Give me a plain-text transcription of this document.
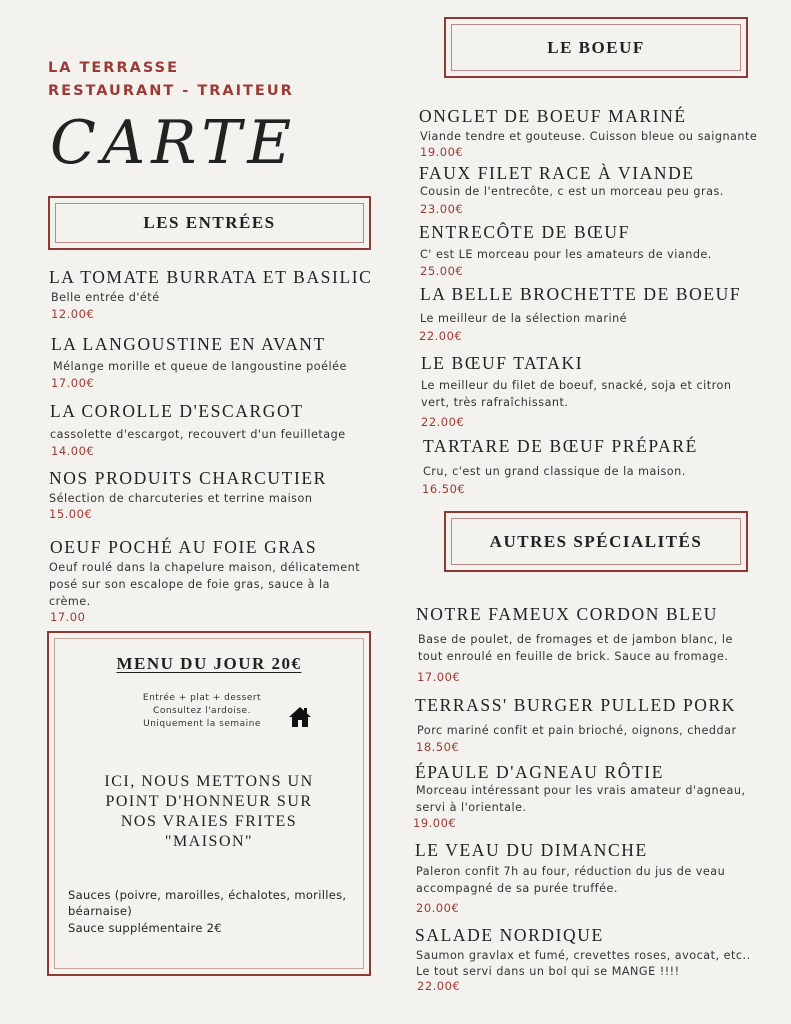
LA TERRASSE
RESTAURANT - TRAITEUR
CARTE
LES ENTRÉES
LA TOMATE BURRATA ET BASILIC
Belle entrée d'été
12.00€
LA LANGOUSTINE EN AVANT
Mélange morille et queue de langoustine poélée
17.00€
LA COROLLE D'ESCARGOT
cassolette d'escargot, recouvert d'un feuilletage
14.00€
NOS PRODUITS CHARCUTIER
Sélection de charcuteries et terrine maison
15.00€
OEUF POCHÉ AU FOIE GRAS
Oeuf roulé dans la chapelure maison, délicatement
posé sur son escalope de foie gras, sauce à la
crème.
17.00
MENU DU JOUR 20€
Entrée + plat + dessert
Consultez l'ardoise.
Uniquement la semaine
ICI, NOUS METTONS UN
POINT D'HONNEUR SUR
NOS VRAIES FRITES
"MAISON"
Sauces (poivre, maroilles, échalotes, morilles,
béarnaise)
Sauce supplémentaire 2€
LE BOEUF
ONGLET DE BOEUF MARINÉ
Viande tendre et gouteuse. Cuisson bleue ou saignante
19.00€
FAUX FILET RACE À VIANDE
Cousin de l'entrecôte, c est un morceau peu gras.
23.00€
ENTRECÔTE DE BŒUF
C' est LE morceau pour les amateurs de viande.
25.00€
LA BELLE BROCHETTE DE BOEUF
Le meilleur de la sélection mariné
22.00€
LE BŒUF TATAKI
Le meilleur du filet de boeuf, snacké, soja et citron
vert, très rafraîchissant.
22.00€
TARTARE DE BŒUF PRÉPARÉ
Cru, c'est un grand classique de la maison.
16.50€
AUTRES SPÉCIALITÉS
NOTRE FAMEUX CORDON BLEU
Base de poulet, de fromages et de jambon blanc, le
tout enroulé en feuille de brick. Sauce au fromage.
17.00€
TERRASS' BURGER PULLED PORK
Porc mariné confit et pain brioché, oignons, cheddar
18.50€
ÉPAULE D'AGNEAU RÔTIE
Morceau intéressant pour les vrais amateur d'agneau,
servi à l'orientale.
19.00€
LE VEAU DU DIMANCHE
Paleron confit 7h au four, réduction du jus de veau
accompagné de sa purée truffée.
20.00€
SALADE NORDIQUE
Saumon gravlax et fumé, crevettes roses, avocat, etc..
Le tout servi dans un bol qui se MANGE !!!!
22.00€
